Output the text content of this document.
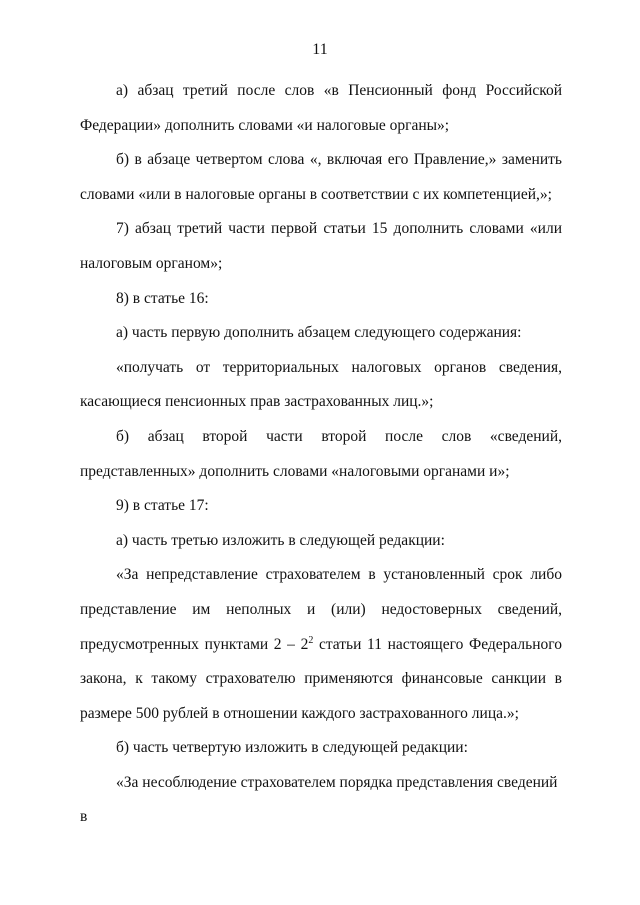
11

а) абзац третий после слов «в Пенсионный фонд Российской Федерации» дополнить словами «и налоговые органы»;

б) в абзаце четвертом слова «, включая его Правление,» заменить словами «или в налоговые органы в соответствии с их компетенцией,»;

7) абзац третий части первой статьи 15 дополнить словами «или налоговым органом»;

8) в статье 16:

а) часть первую дополнить абзацем следующего содержания:

«получать от территориальных налоговых органов сведения, касающиеся пенсионных прав застрахованных лиц.»;

б) абзац второй части второй после слов «сведений, представленных» дополнить словами «налоговыми органами и»;

9) в статье 17:

а) часть третью изложить в следующей редакции:

«За непредставление страхователем в установленный срок либо представление им неполных и (или) недостоверных сведений, предусмотренных пунктами $2 - 2^2$ статьи 11 настоящего Федерального закона, к такому страхователю применяются финансовые санкции в размере 500 рублей в отношении каждого застрахованного лица.»;

б) часть четвертую изложить в следующей редакции:

«За несоблюдение страхователем порядка представления сведений в
